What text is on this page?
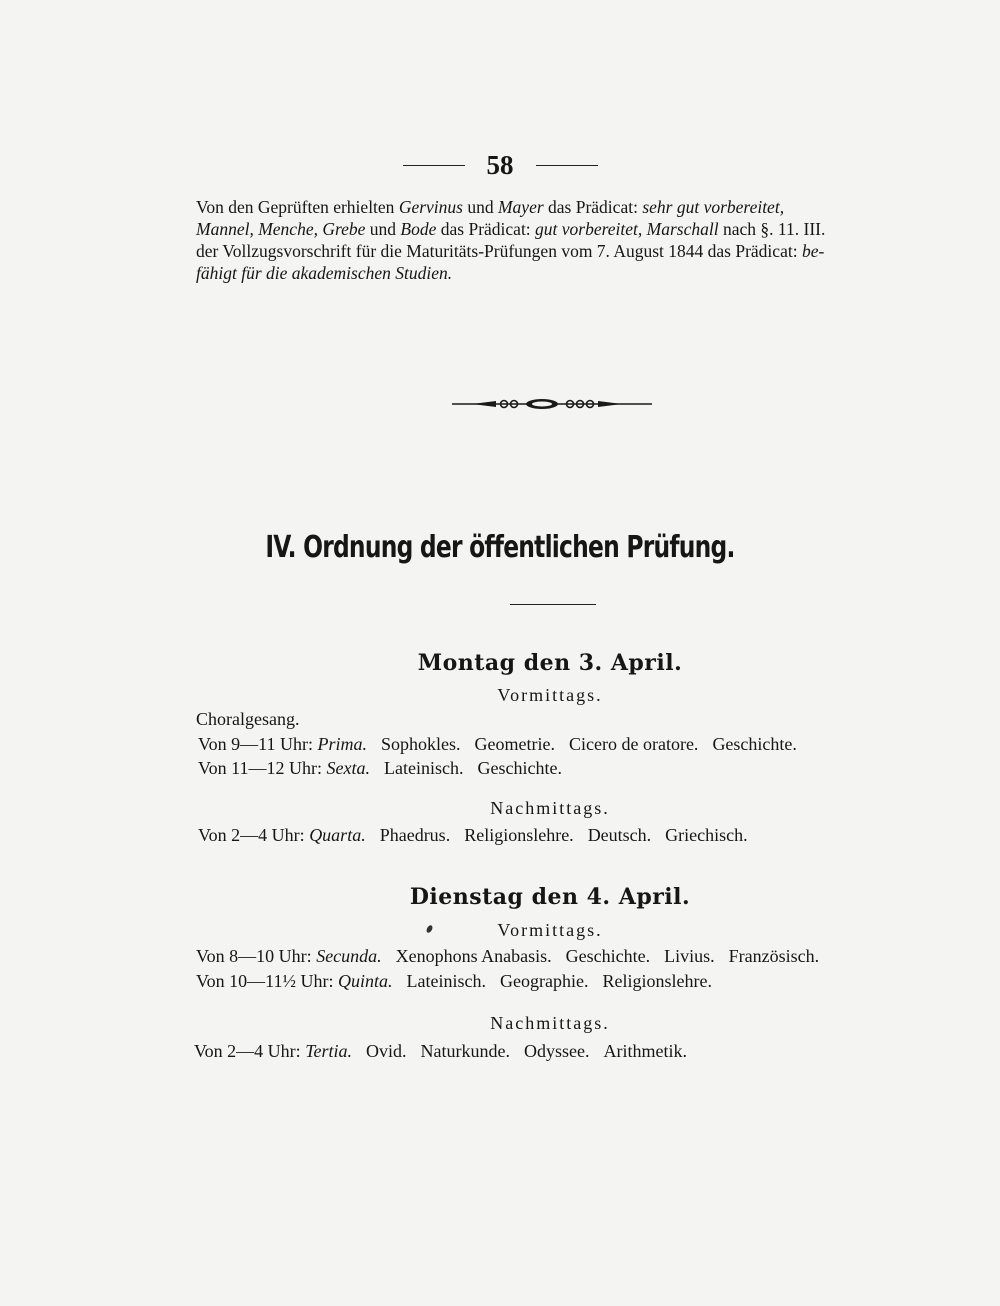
58
Von den Geprüften erhielten Gervinus und Mayer das Prädicat: sehr gut vorbereitet,
Mannel, Menche, Grebe und Bode das Prädicat: gut vorbereitet, Marschall nach §. 11. III.
der Vollzugsvorschrift für die Maturitäts-Prüfungen vom 7. August 1844 das Prädicat: be-
fähigt für die akademischen Studien.
IV. Ordnung der öffentlichen Prüfung.
Montag den 3. April.
Vormittags.
Choralgesang.
Von 9—11 Uhr: Prima. Sophokles. Geometrie. Cicero de oratore. Geschichte.
Von 11—12 Uhr: Sexta. Lateinisch. Geschichte.
Nachmittags.
Von 2—4 Uhr: Quarta. Phaedrus. Religionslehre. Deutsch. Griechisch.
Dienstag den 4. April.
Vormittags.
Von 8—10 Uhr: Secunda. Xenophons Anabasis. Geschichte. Livius. Französisch.
Von 10—11½ Uhr: Quinta. Lateinisch. Geographie. Religionslehre.
Nachmittags.
Von 2—4 Uhr: Tertia. Ovid. Naturkunde. Odyssee. Arithmetik.
